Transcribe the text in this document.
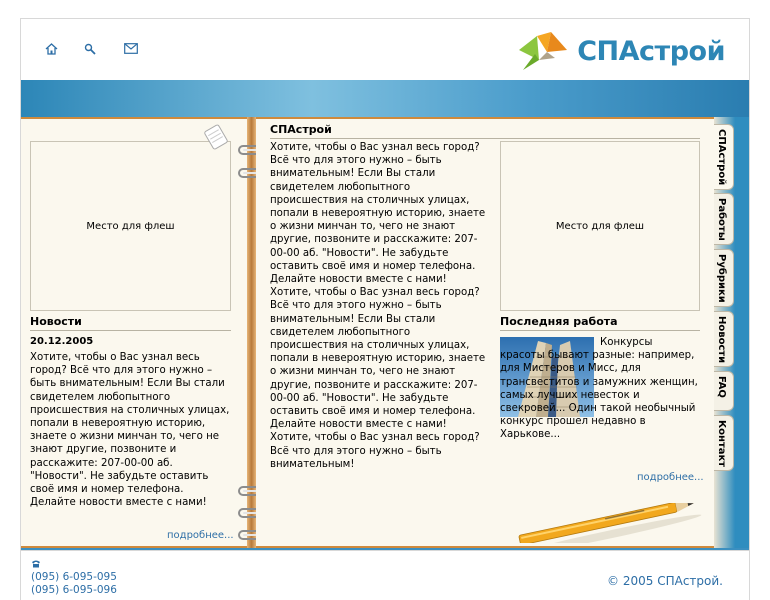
СПАстрой
Место для флеш
Новости
20.12.2005
Хотите, чтобы о Вас узнал весь город? Всё что для этого нужно – быть внимательным! Если Вы стали свидетелем любопытного происшествия на столичных улицах, попали в невероятную историю, знаете о жизни минчан то, чего не знают другие, позвоните и расскажите: 207-00-00 аб. "Новости". Не забудьте оставить своё имя и номер телефона. Делайте новости вместе с нами!
подробнее...
СПАстрой
Хотите, чтобы о Вас узнал весь город? Всё что для этого нужно – быть внимательным! Если Вы стали свидетелем любопытного происшествия на столичных улицах, попали в невероятную историю, знаете о жизни минчан то, чего не знают другие, позвоните и расскажите: 207-00-00 аб. "Новости". Не забудьте оставить своё имя и номер телефона. Делайте новости вместе с нами!
Хотите, чтобы о Вас узнал весь город? Всё что для этого нужно – быть внимательным! Если Вы стали свидетелем любопытного происшествия на столичных улицах, попали в невероятную историю, знаете о жизни минчан то, чего не знают другие, позвоните и расскажите: 207-00-00 аб. "Новости". Не забудьте оставить своё имя и номер телефона. Делайте новости вместе с нами!
Хотите, чтобы о Вас узнал весь город? Всё что для этого нужно – быть внимательным!
Место для флеш
Последняя работа
Конкурсы красоты бывают разные: например, для Мистеров и Мисс, для трансвеститов и замужних женщин, самых лучших невесток и свекровей... Один такой необычный конкурс прошел недавно в Харькове...
подробнее...
СПАстрой
Работы
Рубрики
Новости
FAQ
Контакт
(095) 6-095-095
(095) 6-095-096
© 2005 СПАстрой.
